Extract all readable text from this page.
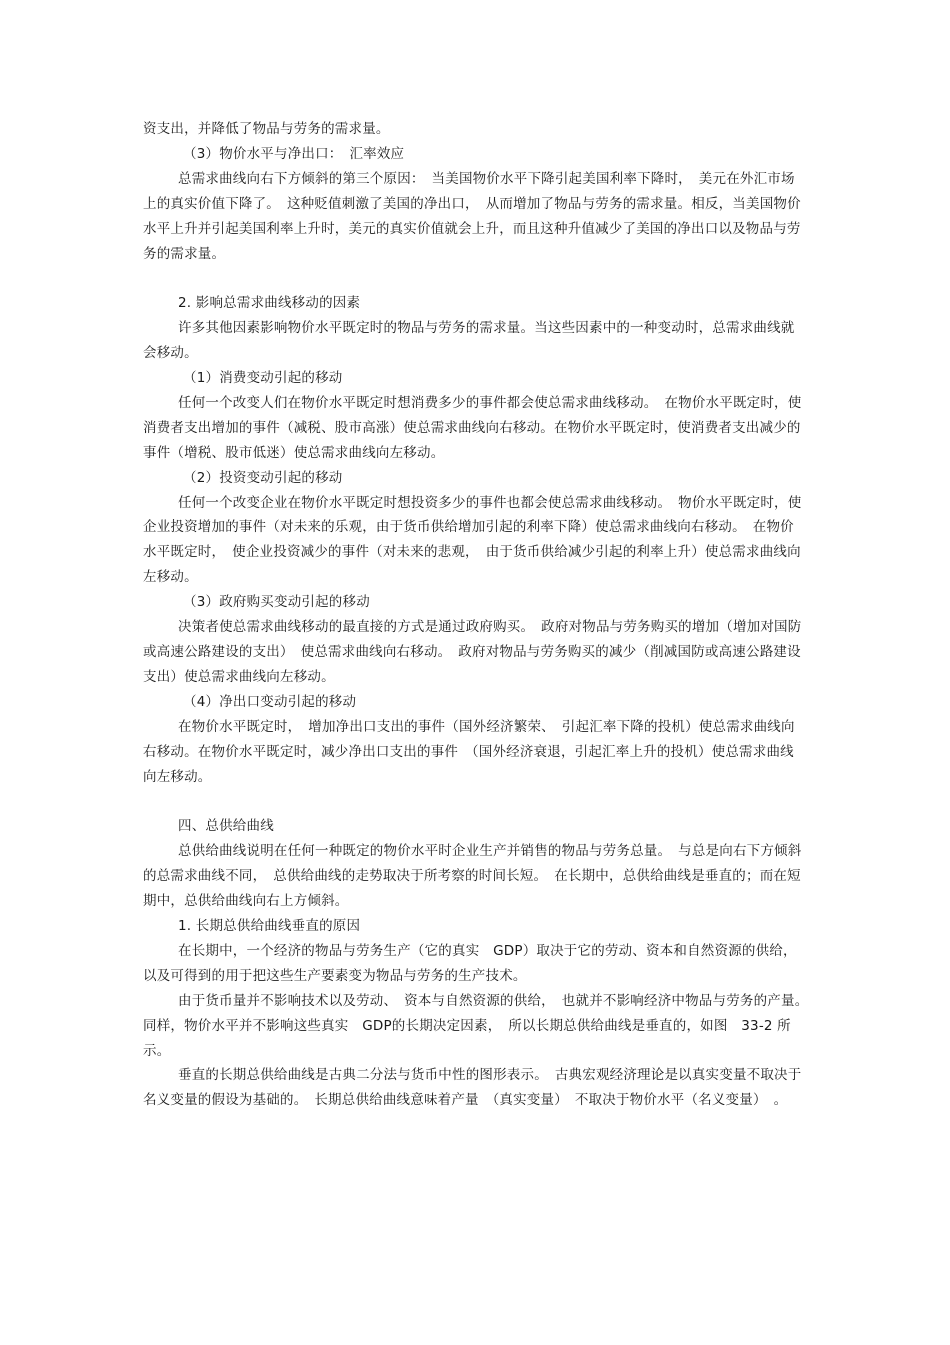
资支出，并降低了物品与劳务的需求量。

（3）物价水平与净出口：　汇率效应

总需求曲线向右下方倾斜的第三个原因：　当美国物价水平下降引起美国利率下降时，　美元在外汇市场上的真实价值下降了。　这种贬值刺激了美国的净出口，　从而增加了物品与劳务的需求量。相反，当美国物价水平上升并引起美国利率上升时，美元的真实价值就会上升，而且这种升值减少了美国的净出口以及物品与劳务的需求量。

2. 影响总需求曲线移动的因素

许多其他因素影响物价水平既定时的物品与劳务的需求量。当这些因素中的一种变动时，总需求曲线就会移动。

（1）消费变动引起的移动

任何一个改变人们在物价水平既定时想消费多少的事件都会使总需求曲线移动。　在物价水平既定时，使消费者支出增加的事件（减税、股市高涨）使总需求曲线向右移动。在物价水平既定时，使消费者支出减少的事件（增税、股市低迷）使总需求曲线向左移动。

（2）投资变动引起的移动

任何一个改变企业在物价水平既定时想投资多少的事件也都会使总需求曲线移动。　物价水平既定时，使企业投资增加的事件（对未来的乐观，由于货币供给增加引起的利率下降）使总需求曲线向右移动。　在物价水平既定时，　使企业投资减少的事件（对未来的悲观，　由于货币供给减少引起的利率上升）使总需求曲线向左移动。

（3）政府购买变动引起的移动

决策者使总需求曲线移动的最直接的方式是通过政府购买。　政府对物品与劳务购买的增加（增加对国防或高速公路建设的支出）　使总需求曲线向右移动。　政府对物品与劳务购买的减少（削减国防或高速公路建设支出）使总需求曲线向左移动。

（4）净出口变动引起的移动

在物价水平既定时，　增加净出口支出的事件（国外经济繁荣、　引起汇率下降的投机）使总需求曲线向右移动。在物价水平既定时，减少净出口支出的事件　（国外经济衰退，引起汇率上升的投机）使总需求曲线向左移动。

四、总供给曲线

总供给曲线说明在任何一种既定的物价水平时企业生产并销售的物品与劳务总量。　与总是向右下方倾斜的总需求曲线不同，　总供给曲线的走势取决于所考察的时间长短。　在长期中，总供给曲线是垂直的；而在短期中，总供给曲线向右上方倾斜。

1. 长期总供给曲线垂直的原因

在长期中，一个经济的物品与劳务生产（它的真实　GDP）取决于它的劳动、资本和自然资源的供给，以及可得到的用于把这些生产要素变为物品与劳务的生产技术。

由于货币量并不影响技术以及劳动、　资本与自然资源的供给，　也就并不影响经济中物品与劳务的产量。　同样，物价水平并不影响这些真实　GDP的长期决定因素，　所以长期总供给曲线是垂直的，如图　33-2 所示。

垂直的长期总供给曲线是古典二分法与货币中性的图形表示。　古典宏观经济理论是以真实变量不取决于名义变量的假设为基础的。　长期总供给曲线意味着产量　（真实变量）　不取决于物价水平（名义变量）　。
